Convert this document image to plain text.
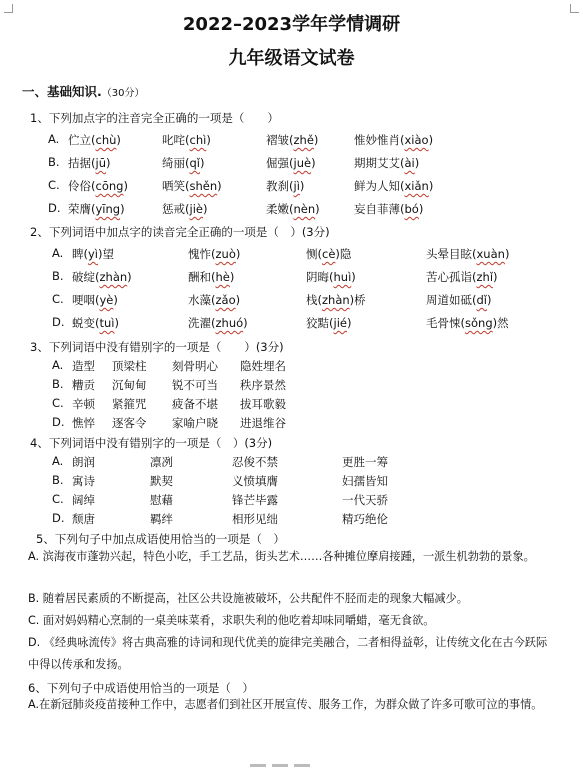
2022–2023学年学情调研
九年级语文试卷
一、基础知识.（30分）
1、下列加点字的注音完全正确的一项是（　　）
A. 伫立(chù)	叱咤(chì)	褶皱(zhě)	惟妙惟肖(xiào)
B. 拮据(jū)	绮丽(qǐ)	倔强(juè)	期期艾艾(ài)
C. 伶俗(cōng)	哂笑(shěn)	教刹(jì)	鲜为人知(xiǎn)
D. 荣膺(yīng)	惩戒(jiè)	柔嫩(nèn)	妄自菲薄(bó)
2、下列词语中加点字的读音完全正确的一项是（　）(3分)
A. 睥(yì)望	愧怍(zuò)	恻(cè)隐	头晕目眩(xuàn)
B. 破绽(zhàn)	酬和(hè)	阴晦(huì)	苦心孤诣(zhǐ)
C. 哽咽(yè)	水藻(zǎo)	栈(zhàn)桥	周道如砥(dǐ)
D. 蜕变(tuì)	洗濯(zhuó)	狡黠(jié)	毛骨悚(sǒng)然
3、下列词语中没有错别字的一项是（　　）(3分)
A. 造型 顶梁柱 刻骨明心 隐姓埋名
B. 糟贡 沉甸甸 锐不可当 秩序景然
C. 辛顿 紧箍咒 疲备不堪 拔耳歌毅
D. 憔悴 逐客令 家喻户晓 进退维谷
4、下列词语中没有错别字的一项是（　）(3分)
A. 朗润	凛冽	忍俊不禁	更胜一筹
B. 寓诗	默契	义愤填膺	妇孺皆知
C. 阔绰	慰藉	锋芒毕露	一代天骄
D. 颓唐	羁绊	相形见绌	精巧绝伦
5、下列句子中加点成语使用恰当的一项是（　）
A. 滨海夜市蓬勃兴起，特色小吃，手工艺品，街头艺术……各种摊位摩肩接踵，一派生机勃勃的景象。
B. 随着居民素质的不断提高，社区公共设施被破坏，公共配件不胫而走的现象大幅减少。
C. 面对妈妈精心烹制的一桌美味菜肴，求职失利的他吃着却味同嚼蜡，毫无食欲。
D. 《经典咏流传》将古典高雅的诗词和现代优美的旋律完美融合，二者相得益彰，让传统文化在古今跃际中得以传承和发扬。
6、下列句子中成语使用恰当的一项是（　）
A.在新冠肺炎疫苗接种工作中，志愿者们到社区开展宣传、服务工作，为群众做了许多可歌可泣的事情。
